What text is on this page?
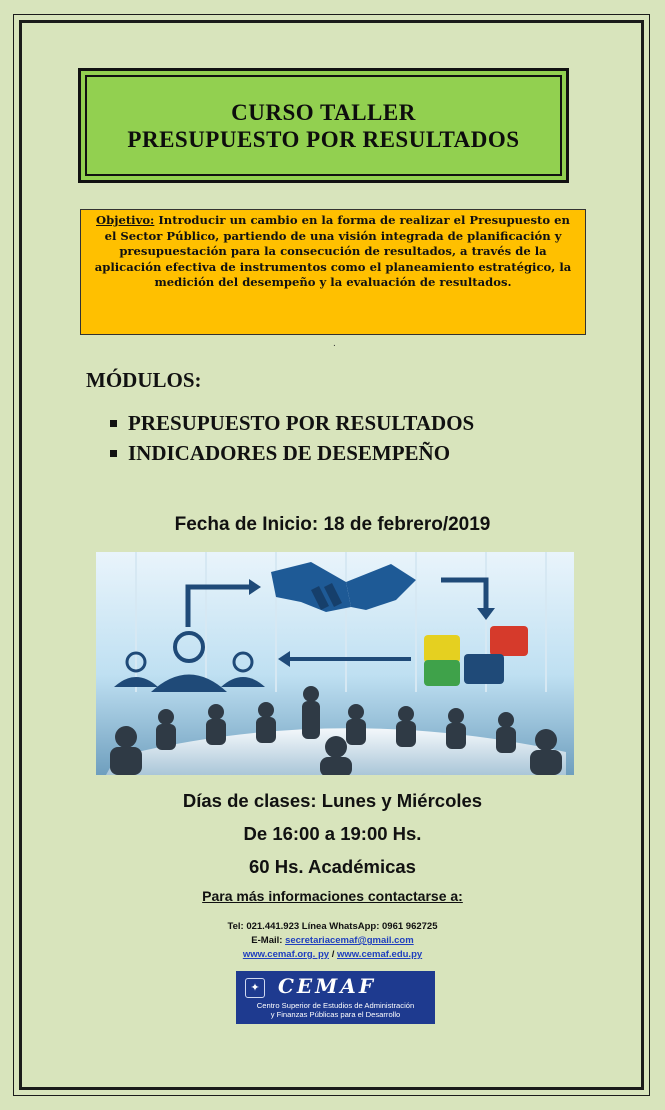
CURSO TALLER
PRESUPUESTO POR RESULTADOS
Objetivo: Introducir un cambio en la forma de realizar el Presupuesto en el Sector Público, partiendo de una visión integrada de planificación y presupuestación para la consecución de resultados, a través de la aplicación efectiva de instrumentos como el planeamiento estratégico, la medición del desempeño y la evaluación de resultados.
.
MÓDULOS:
PRESUPUESTO POR RESULTADOS
INDICADORES DE DESEMPEÑO
Fecha de Inicio: 18 de febrero/2019
Días de clases: Lunes y Miércoles
De 16:00 a 19:00 Hs.
60 Hs. Académicas
Para más informaciones contactarse a:
Tel: 021.441.923 Línea WhatsApp: 0961 962725
E-Mail: secretariacemaf@gmail.com
www.cemaf.org. py / www.cemaf.edu.py
✦ CEMAF
Centro Superior de Estudios de Administración
y Finanzas Públicas para el Desarrollo
